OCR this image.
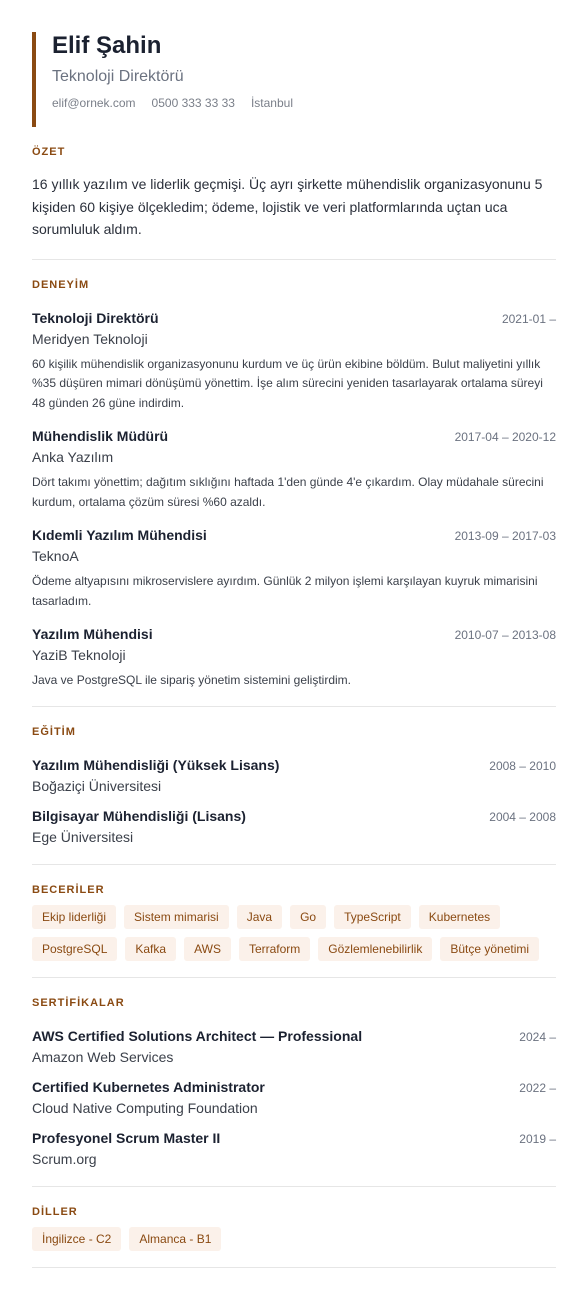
Elif Şahin
Teknoloji Direktörü
elif@ornek.com 0500 333 33 33 İstanbul
ÖZET
16 yıllık yazılım ve liderlik geçmişi. Üç ayrı şirkette mühendislik organizasyonunu 5 kişiden 60 kişiye ölçekledim; ödeme, lojistik ve veri platformlarında uçtan uca sorumluluk aldım.
DENEYİM
Teknoloji Direktörü	2021-01 –
Meridyen Teknoloji
60 kişilik mühendislik organizasyonunu kurdum ve üç ürün ekibine böldüm. Bulut maliyetini yıllık %35 düşüren mimari dönüşümü yönettim. İşe alım sürecini yeniden tasarlayarak ortalama süreyi 48 günden 26 güne indirdim.
Mühendislik Müdürü	2017-04 – 2020-12
Anka Yazılım
Dört takımı yönettim; dağıtım sıklığını haftada 1'den günde 4'e çıkardım. Olay müdahale sürecini kurdum, ortalama çözüm süresi %60 azaldı.
Kıdemli Yazılım Mühendisi	2013-09 – 2017-03
TeknoA
Ödeme altyapısını mikroservislere ayırdım. Günlük 2 milyon işlemi karşılayan kuyruk mimarisini tasarladım.
Yazılım Mühendisi	2010-07 – 2013-08
YaziB Teknoloji
Java ve PostgreSQL ile sipariş yönetim sistemini geliştirdim.
EĞİTİM
Yazılım Mühendisliği (Yüksek Lisans)	2008 – 2010
Boğaziçi Üniversitesi
Bilgisayar Mühendisliği (Lisans)	2004 – 2008
Ege Üniversitesi
BECERİLER
Ekip liderliği	Sistem mimarisi	Java	Go	TypeScript	Kubernetes
PostgreSQL	Kafka	AWS	Terraform	Gözlemlenebilirlik	Bütçe yönetimi
SERTİFİKALAR
AWS Certified Solutions Architect — Professional	2024 –
Amazon Web Services
Certified Kubernetes Administrator	2022 –
Cloud Native Computing Foundation
Profesyonel Scrum Master II	2019 –
Scrum.org
DİLLER
İngilizce - C2	Almanca - B1
